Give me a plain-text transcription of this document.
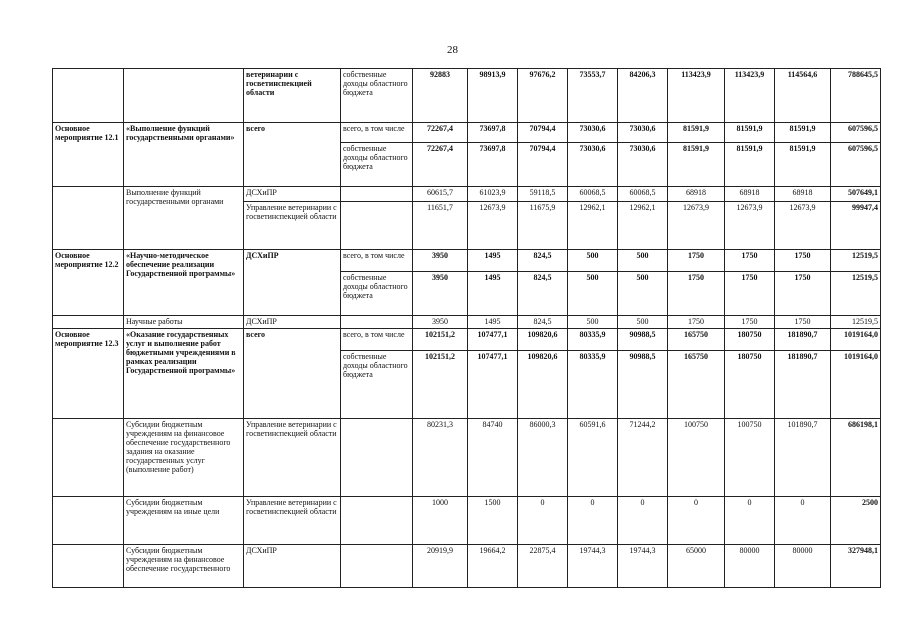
28
		ветеринарии с госветинспекцией области	собственные доходы областного бюджета	92883	98913,9	97676,2	73553,7	84206,3	113423,9	113423,9	114564,6	788645,5
Основное мероприятие 12.1	«Выполнение функций государственными органами»	всего	всего, в том числе	72267,4	73697,8	70794,4	73030,6	73030,6	81591,9	81591,9	81591,9	607596,5
			собственные доходы областного бюджета	72267,4	73697,8	70794,4	73030,6	73030,6	81591,9	81591,9	81591,9	607596,5
	Выполнение функций государственными органами	ДСХиПР		60615,7	61023,9	59118,5	60068,5	60068,5	68918	68918	68918	507649,1
		Управление ветеринарии с госветинспекцией области		11651,7	12673,9	11675,9	12962,1	12962,1	12673,9	12673,9	12673,9	99947,4
Основное мероприятие 12.2	«Научно-методическое обеспечение реализации Государственной программы»	ДСХиПР	всего, в том числе	3950	1495	824,5	500	500	1750	1750	1750	12519,5
			собственные доходы областного бюджета	3950	1495	824,5	500	500	1750	1750	1750	12519,5
	Научные работы	ДСХиПР		3950	1495	824,5	500	500	1750	1750	1750	12519,5
Основное мероприятие 12.3	«Оказание государственных услуг и выполнение работ бюджетными учреждениями в рамках реализации Государственной программы»	всего	всего, в том числе	102151,2	107477,1	109820,6	80335,9	90988,5	165750	180750	181890,7	1019164,0
			собственные доходы областного бюджета	102151,2	107477,1	109820,6	80335,9	90988,5	165750	180750	181890,7	1019164,0
	Субсидии бюджетным учреждениям на финансовое обеспечение государственного задания на оказание государственных услуг (выполнение работ)	Управление ветеринарии с госветинспекцией области		80231,3	84740	86000,3	60591,6	71244,2	100750	100750	101890,7	686198,1
	Субсидии бюджетным учреждениям на иные цели	Управление ветеринарии с госветинспекцией области		1000	1500	0	0	0	0	0	0	2500
	Субсидии бюджетным учреждениям на финансовое обеспечение государственного	ДСХиПР		20919,9	19664,2	22875,4	19744,3	19744,3	65000	80000	80000	327948,1
